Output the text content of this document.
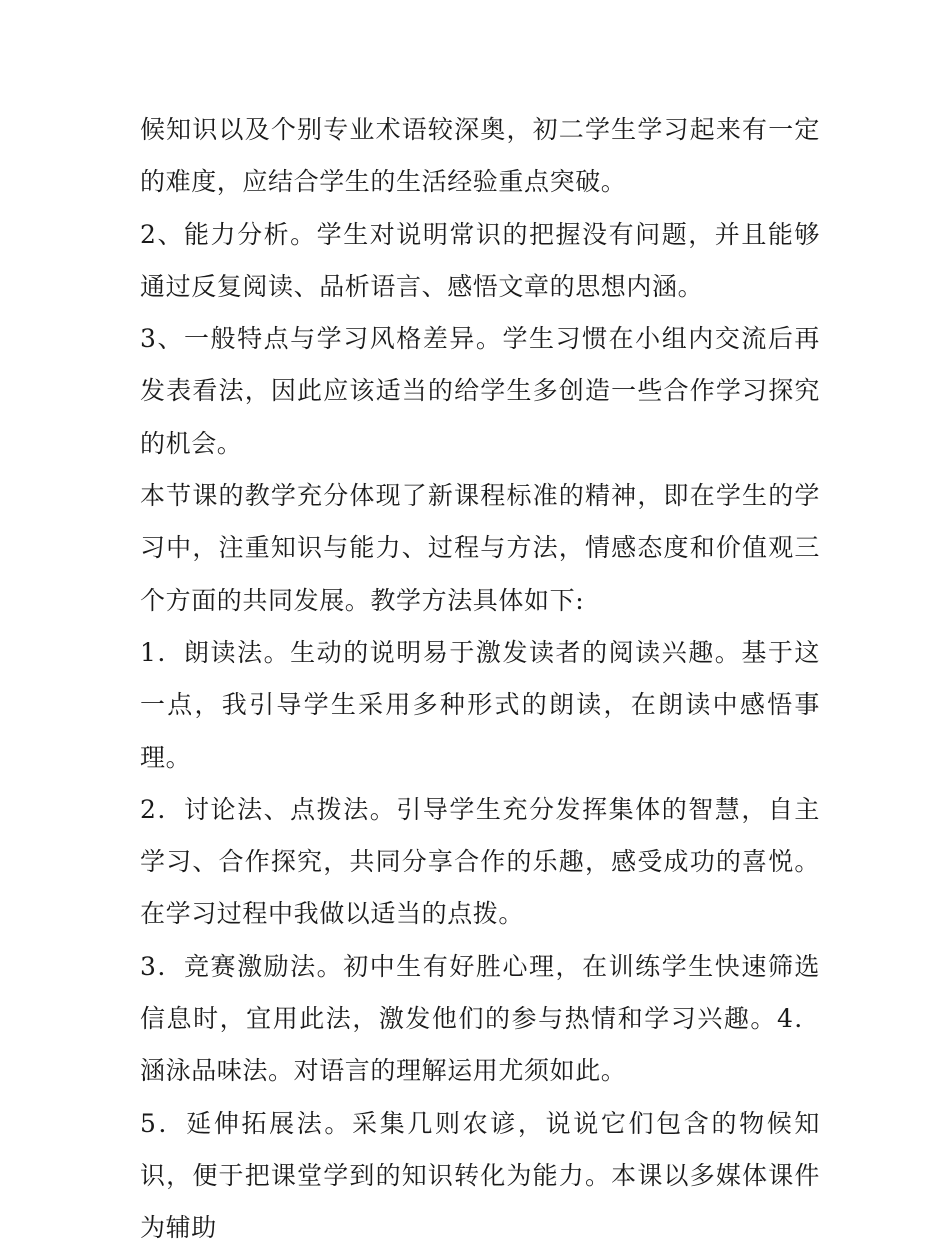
候知识以及个别专业术语较深奥，初二学生学习起来有一定的难度，应结合学生的生活经验重点突破。

2、能力分析。学生对说明常识的把握没有问题，并且能够通过反复阅读、品析语言、感悟文章的思想内涵。

3、一般特点与学习风格差异。学生习惯在小组内交流后再发表看法，因此应该适当的给学生多创造一些合作学习探究的机会。

本节课的教学充分体现了新课程标准的精神，即在学生的学习中，注重知识与能力、过程与方法，情感态度和价值观三个方面的共同发展。教学方法具体如下:

1．朗读法。生动的说明易于激发读者的阅读兴趣。基于这一点，我引导学生采用多种形式的朗读，在朗读中感悟事理。

2．讨论法、点拨法。引导学生充分发挥集体的智慧，自主学习、合作探究，共同分享合作的乐趣，感受成功的喜悦。在学习过程中我做以适当的点拨。

3．竞赛激励法。初中生有好胜心理，在训练学生快速筛选信息时，宜用此法，激发他们的参与热情和学习兴趣。4．涵泳品味法。对语言的理解运用尤须如此。

5．延伸拓展法。采集几则农谚，说说它们包含的物候知识，便于把课堂学到的知识转化为能力。本课以多媒体课件为辅助
